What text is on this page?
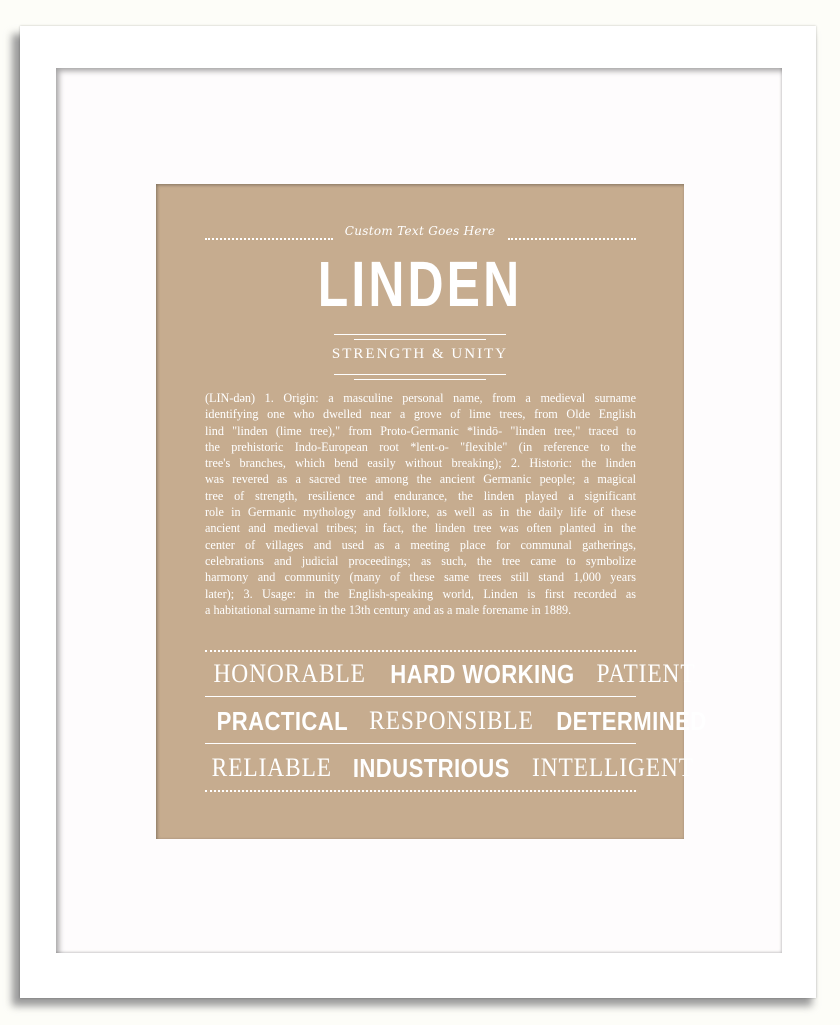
Custom Text Goes Here
LINDEN
STRENGTH & UNITY
(LIN-dən) 1. Origin: a masculine personal name, from a medieval surname
identifying one who dwelled near a grove of lime trees, from Olde English
lind "linden (lime tree)," from Proto-Germanic *lindō- "linden tree," traced to
the prehistoric Indo-European root *lent-o- "flexible" (in reference to the
tree's branches, which bend easily without breaking); 2. Historic: the linden
was revered as a sacred tree among the ancient Germanic people; a magical
tree of strength, resilience and endurance, the linden played a significant
role in Germanic mythology and folklore, as well as in the daily life of these
ancient and medieval tribes; in fact, the linden tree was often planted in the
center of villages and used as a meeting place for communal gatherings,
celebrations and judicial proceedings; as such, the tree came to symbolize
harmony and community (many of these same trees still stand 1,000 years
later); 3. Usage: in the English-speaking world, Linden is first recorded as
a habitational surname in the 13th century and as a male forename in 1889.
HONORABLE HARD WORKING PATIENT
PRACTICAL RESPONSIBLE DETERMINED
RELIABLE INDUSTRIOUS INTELLIGENT
